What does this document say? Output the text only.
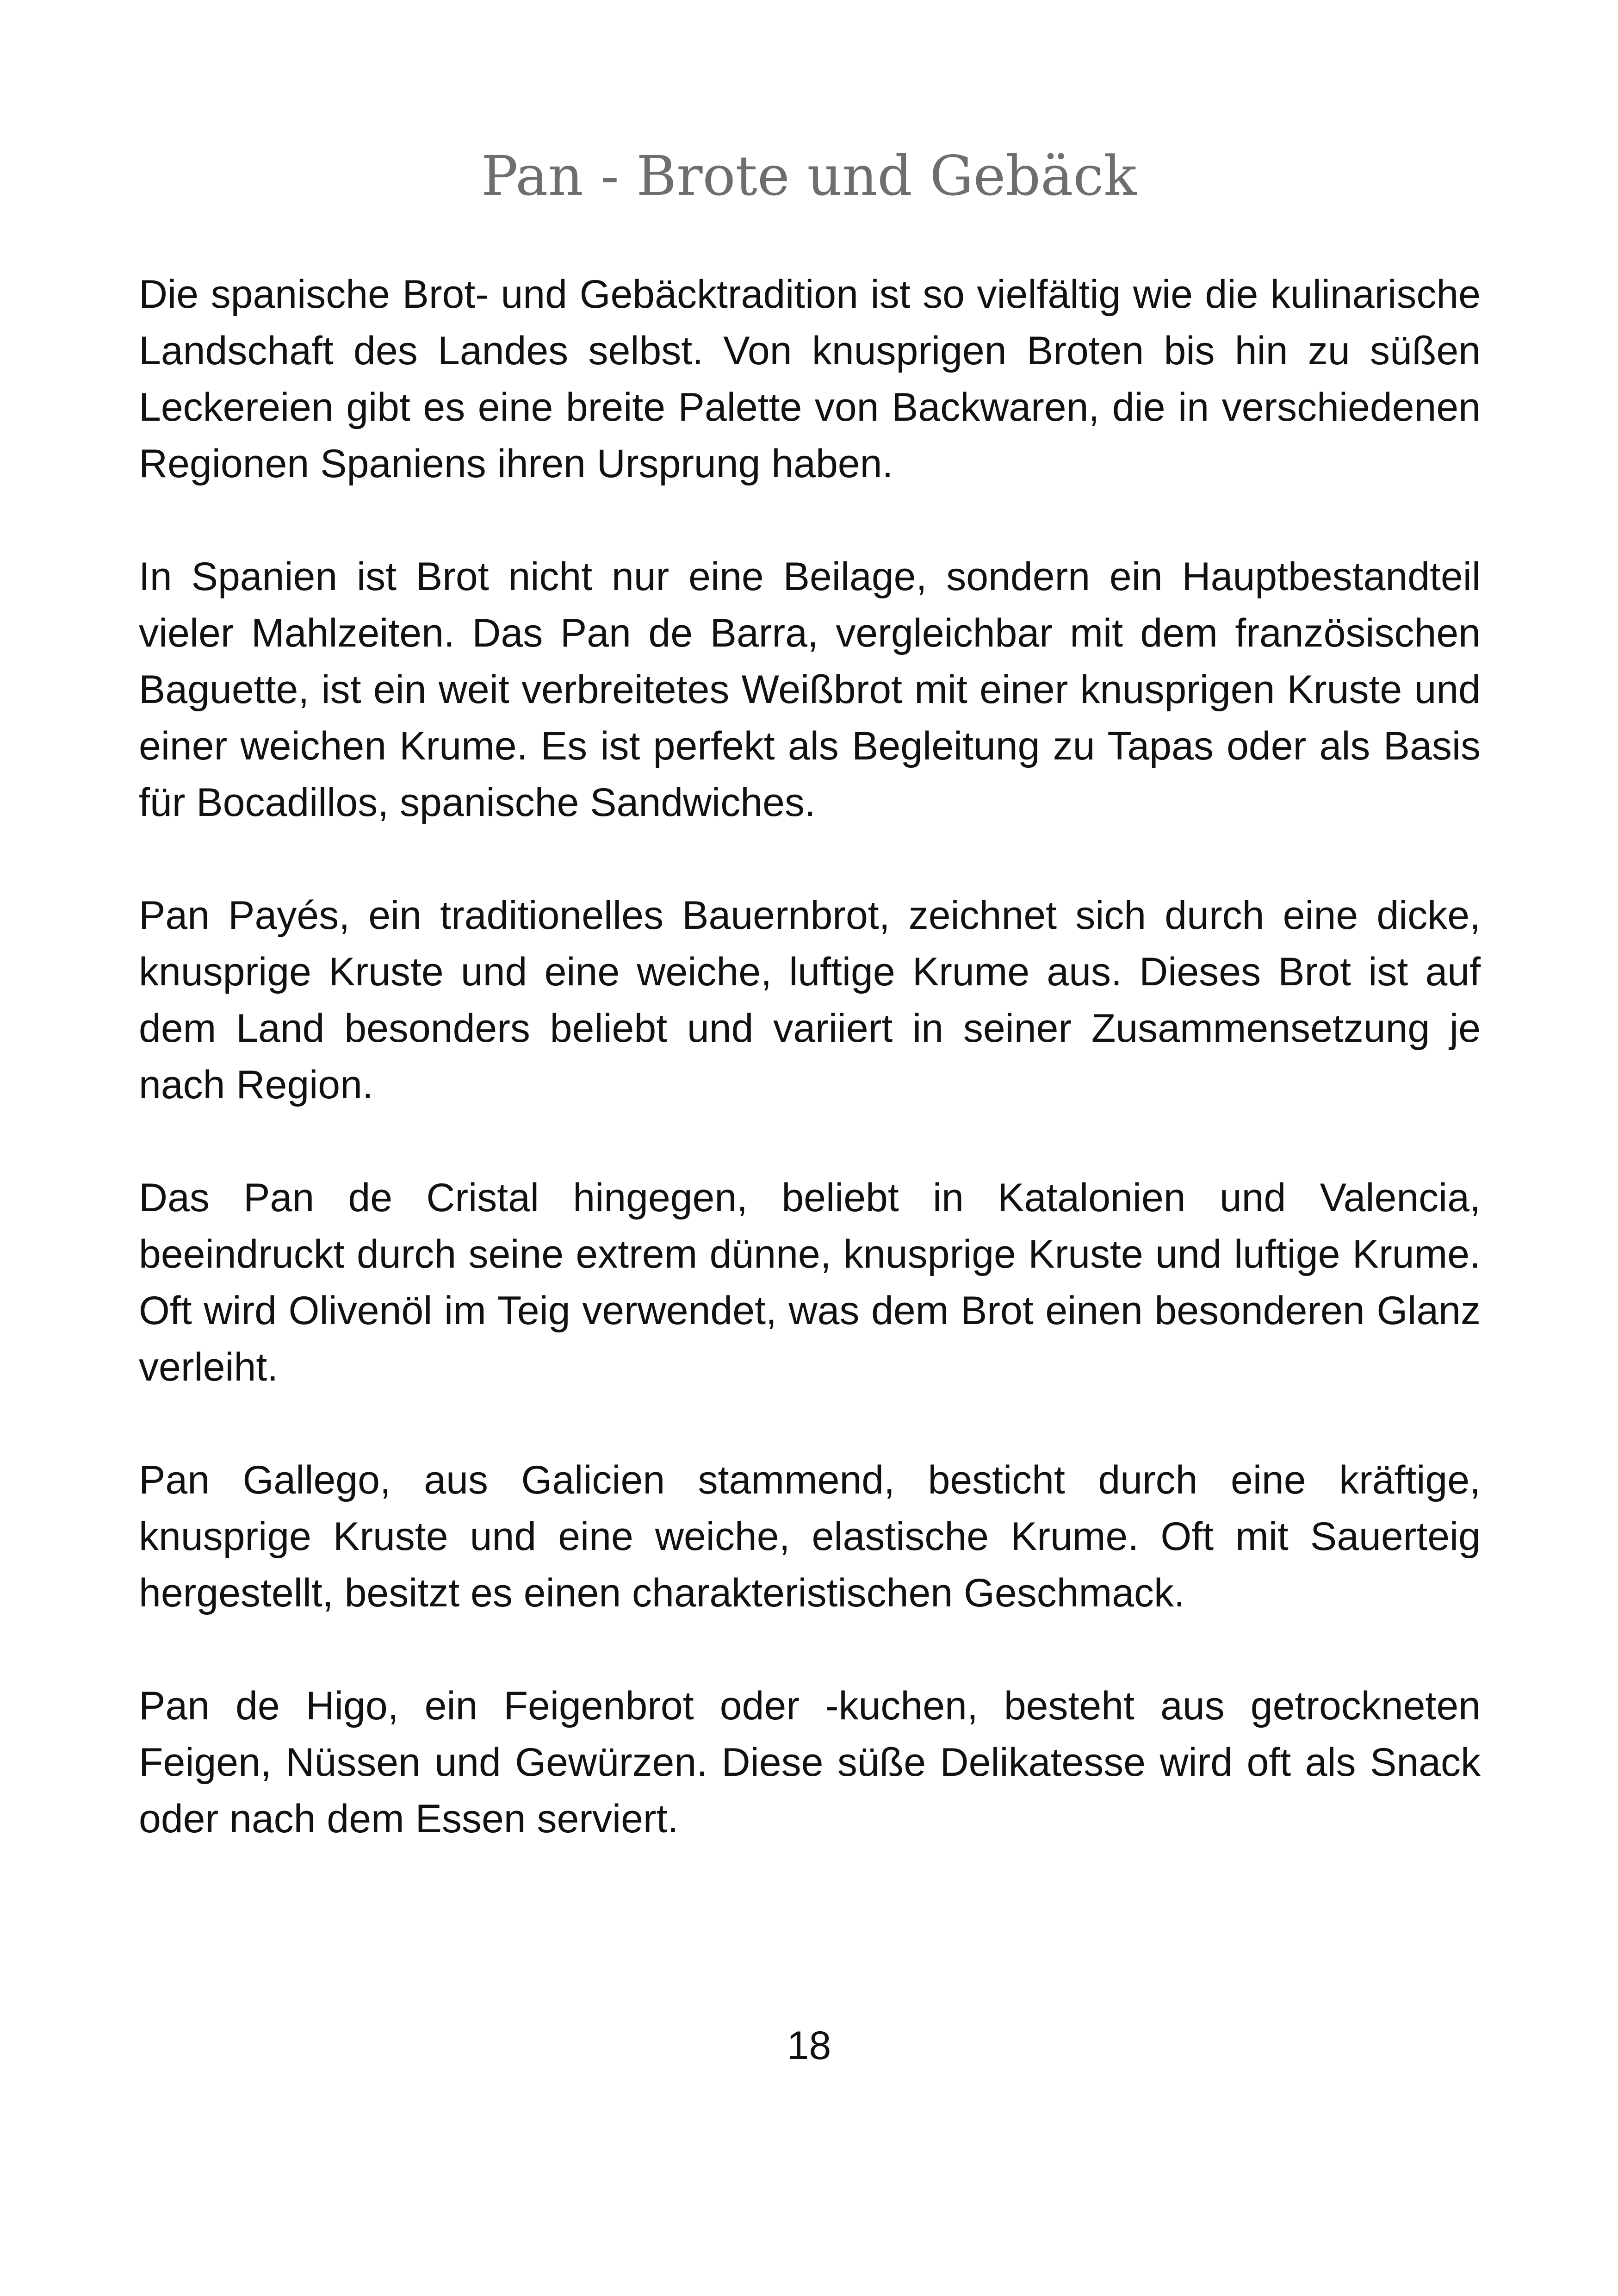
Pan - Brote und Gebäck

Die spanische Brot- und Gebäcktradition ist so vielfältig wie die kulinarische Landschaft des Landes selbst. Von knusprigen Broten bis hin zu süßen Leckereien gibt es eine breite Palette von Backwaren, die in verschiedenen Regionen Spaniens ihren Ursprung haben.

In Spanien ist Brot nicht nur eine Beilage, sondern ein Hauptbestandteil vieler Mahlzeiten. Das Pan de Barra, vergleichbar mit dem französischen Baguette, ist ein weit verbreitetes Weißbrot mit einer knusprigen Kruste und einer weichen Krume. Es ist perfekt als Begleitung zu Tapas oder als Basis für Bocadillos, spanische Sandwiches.

Pan Payés, ein traditionelles Bauernbrot, zeichnet sich durch eine dicke, knusprige Kruste und eine weiche, luftige Krume aus. Dieses Brot ist auf dem Land besonders beliebt und variiert in seiner Zusammensetzung je nach Region.

Das Pan de Cristal hingegen, beliebt in Katalonien und Valencia, beeindruckt durch seine extrem dünne, knusprige Kruste und luftige Krume. Oft wird Olivenöl im Teig verwendet, was dem Brot einen besonderen Glanz verleiht.

Pan Gallego, aus Galicien stammend, besticht durch eine kräftige, knusprige Kruste und eine weiche, elastische Krume. Oft mit Sauerteig hergestellt, besitzt es einen charakteristischen Geschmack.

Pan de Higo, ein Feigenbrot oder -kuchen, besteht aus getrockneten Feigen, Nüssen und Gewürzen. Diese süße Delikatesse wird oft als Snack oder nach dem Essen serviert.

18
